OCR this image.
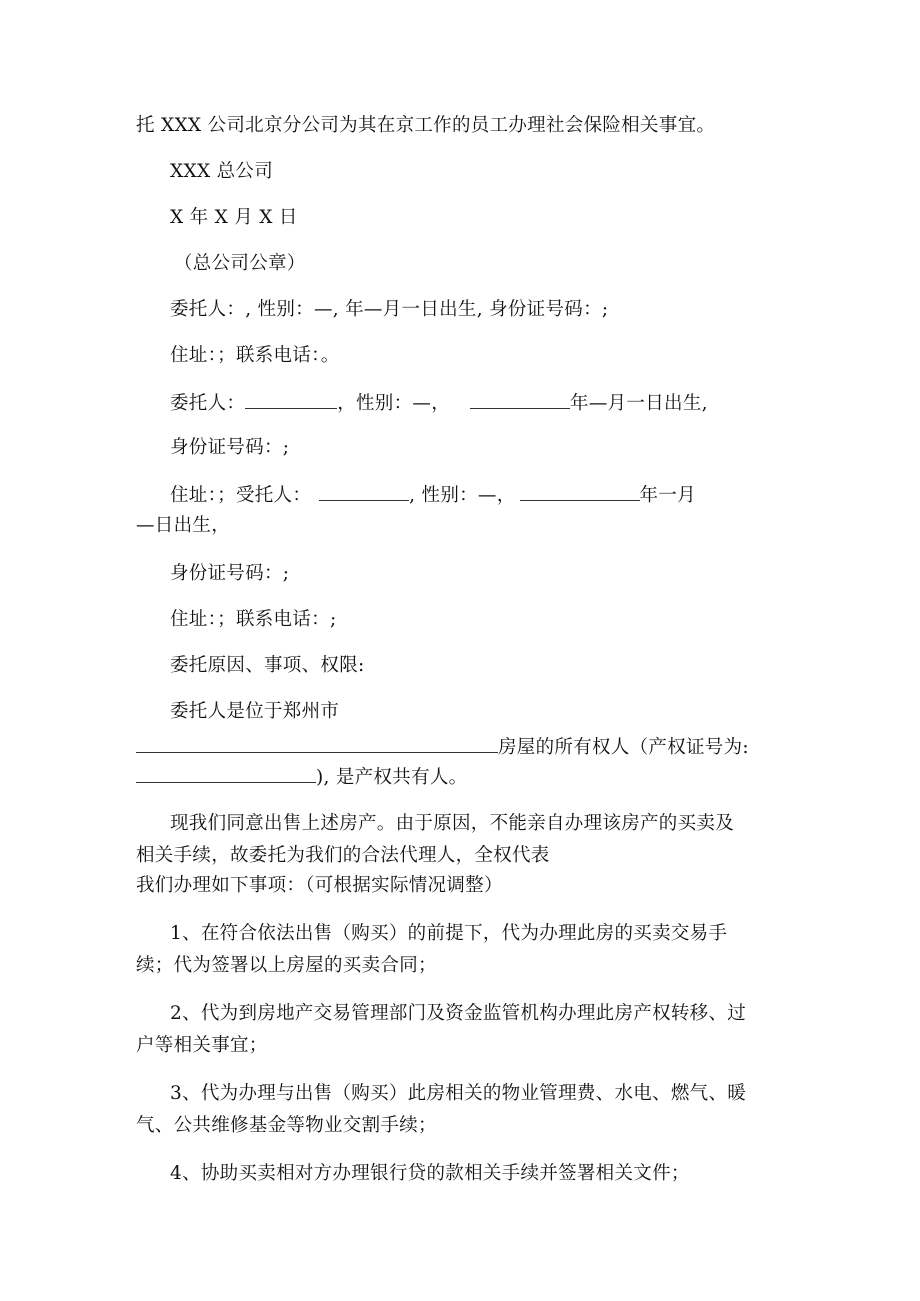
托 XXX 公司北京分公司为其在京工作的员工办理社会保险相关事宜。
XXX 总公司
X 年 X 月 X 日
（总公司公章）
委托人：, 性别：—, 年—月一日出生, 身份证号码：;
住址：；联系电话：。
委托人：	，性别：—，	年—月一日出生,
身份证号码：;
住址：；受托人：	, 性别：—，	年一月
—日出生，
身份证号码：;
住址：；联系电话：;
委托原因、事项、权限:
委托人是位于郑州市
房屋的所有权人（产权证号为:
), 是产权共有人。
现我们同意出售上述房产。由于原因，不能亲自办理该房产的买卖及
相关手续，故委托为我们的合法代理人，全权代表
我们办理如下事项：（可根据实际情况调整）
1、在符合依法出售（购买）的前提下，代为办理此房的买卖交易手
续；代为签署以上房屋的买卖合同；
2、代为到房地产交易管理部门及资金监管机构办理此房产权转移、过
户等相关事宜；
3、代为办理与出售（购买）此房相关的物业管理费、水电、燃气、暖
气、公共维修基金等物业交割手续；
4、协助买卖相对方办理银行贷的款相关手续并签署相关文件；
